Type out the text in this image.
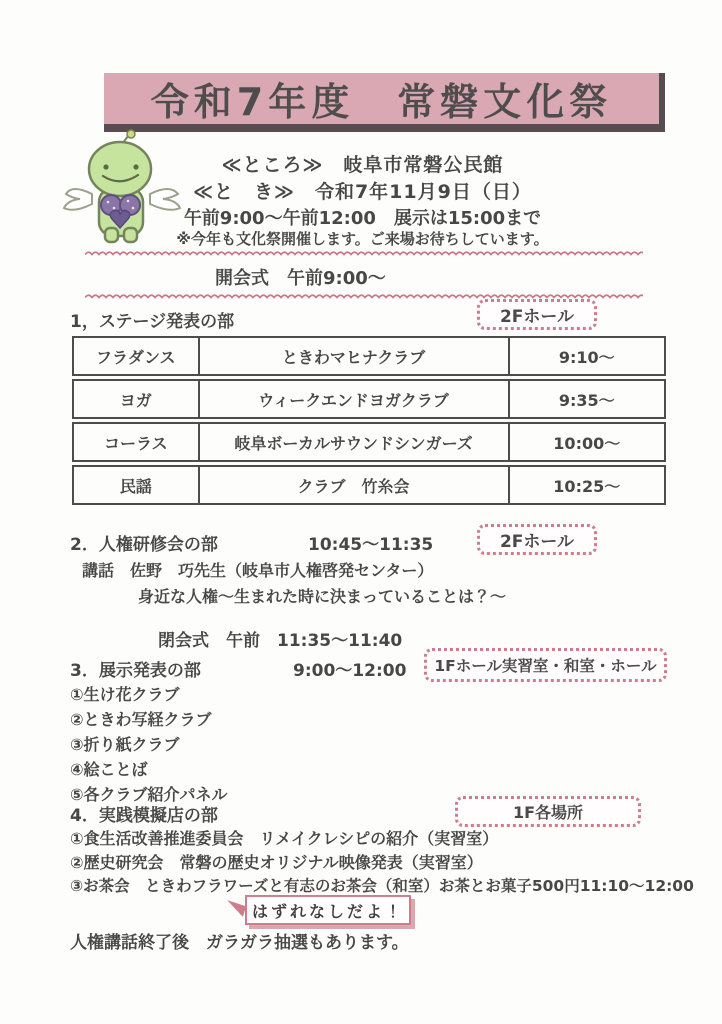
令和7年度　常磐文化祭
≪ところ≫　岐阜市常磐公民館
≪と　き≫　令和7年11月9日（日）
午前9:00～午前12:00　展示は15:00まで
※今年も文化祭開催します。ご来場お待ちしています。
開会式　午前9:00～
1，ステージ発表の部	2Fホール
フラダンス	ときわマヒナクラブ	9:10～
ヨガ	ウィークエンドヨガクラブ	9:35～
コーラス	岐阜ボーカルサウンドシンガーズ	10:00～
民謡	クラブ　竹糸会	10:25～
2．人権研修会の部	10:45～11:35	2Fホール
講話　佐野　巧先生（岐阜市人権啓発センター）
身近な人権～生まれた時に決まっていることは？～
閉会式　午前　11:35～11:40
3．展示発表の部	9:00～12:00	1Fホール実習室・和室・ホール
①生け花クラブ
②ときわ写経クラブ
③折り紙クラブ
④絵ことば
⑤各クラブ紹介パネル
4．実践模擬店の部	1F各場所
①食生活改善推進委員会　リメイクレシピの紹介（実習室）
②歴史研究会　常磐の歴史オリジナル映像発表（実習室）
③お茶会　ときわフラワーズと有志のお茶会（和室）お茶とお菓子500円11:10～12:00
はずれなしだよ！
人権講話終了後　ガラガラ抽選もあります。
